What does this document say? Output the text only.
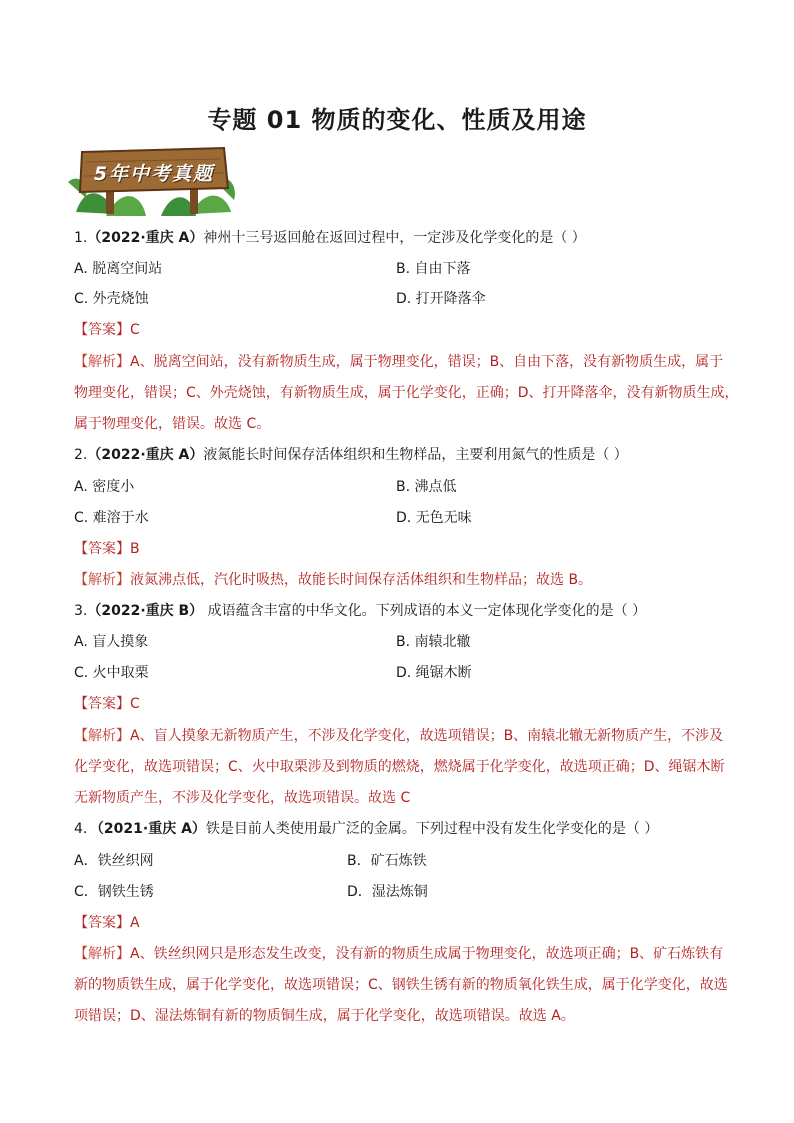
专题 01 物质的变化、性质及用途
5年中考真题
1.（2022·重庆 A）神州十三号返回舱在返回过程中，一定涉及化学变化的是（ ）
A. 脱离空间站	B. 自由下落
C. 外壳烧蚀	D. 打开降落伞
【答案】C
【解析】A、脱离空间站，没有新物质生成，属于物理变化，错误；B、自由下落，没有新物质生成，属于
物理变化，错误；C、外壳烧蚀，有新物质生成，属于化学变化，正确；D、打开降落伞，没有新物质生成，
属于物理变化，错误。故选 C。
2.（2022·重庆 A）液氮能长时间保存活体组织和生物样品，主要利用氮气的性质是（ ）
A. 密度小	B. 沸点低
C. 难溶于水	D. 无色无味
【答案】B
【解析】液氮沸点低，汽化时吸热，故能长时间保存活体组织和生物样品；故选 B。
3.（2022·重庆 B） 成语蕴含丰富的中华文化。下列成语的本义一定体现化学变化的是（ ）
A. 盲人摸象	B. 南辕北辙
C. 火中取栗	D. 绳锯木断
【答案】C
【解析】A、盲人摸象无新物质产生，不涉及化学变化，故选项错误；B、南辕北辙无新物质产生，不涉及
化学变化，故选项错误；C、火中取栗涉及到物质的燃烧，燃烧属于化学变化，故选项正确；D、绳锯木断
无新物质产生，不涉及化学变化，故选项错误。故选 C
4．（2021·重庆 A）铁是目前人类使用最广泛的金属。下列过程中没有发生化学变化的是（ ）
A．铁丝织网	B．矿石炼铁
C．钢铁生锈	D．湿法炼铜
【答案】A
【解析】A、铁丝织网只是形态发生改变，没有新的物质生成属于物理变化，故选项正确；B、矿石炼铁有
新的物质铁生成，属于化学变化，故选项错误；C、钢铁生锈有新的物质氧化铁生成，属于化学变化，故选
项错误；D、湿法炼铜有新的物质铜生成，属于化学变化，故选项错误。故选 A。
